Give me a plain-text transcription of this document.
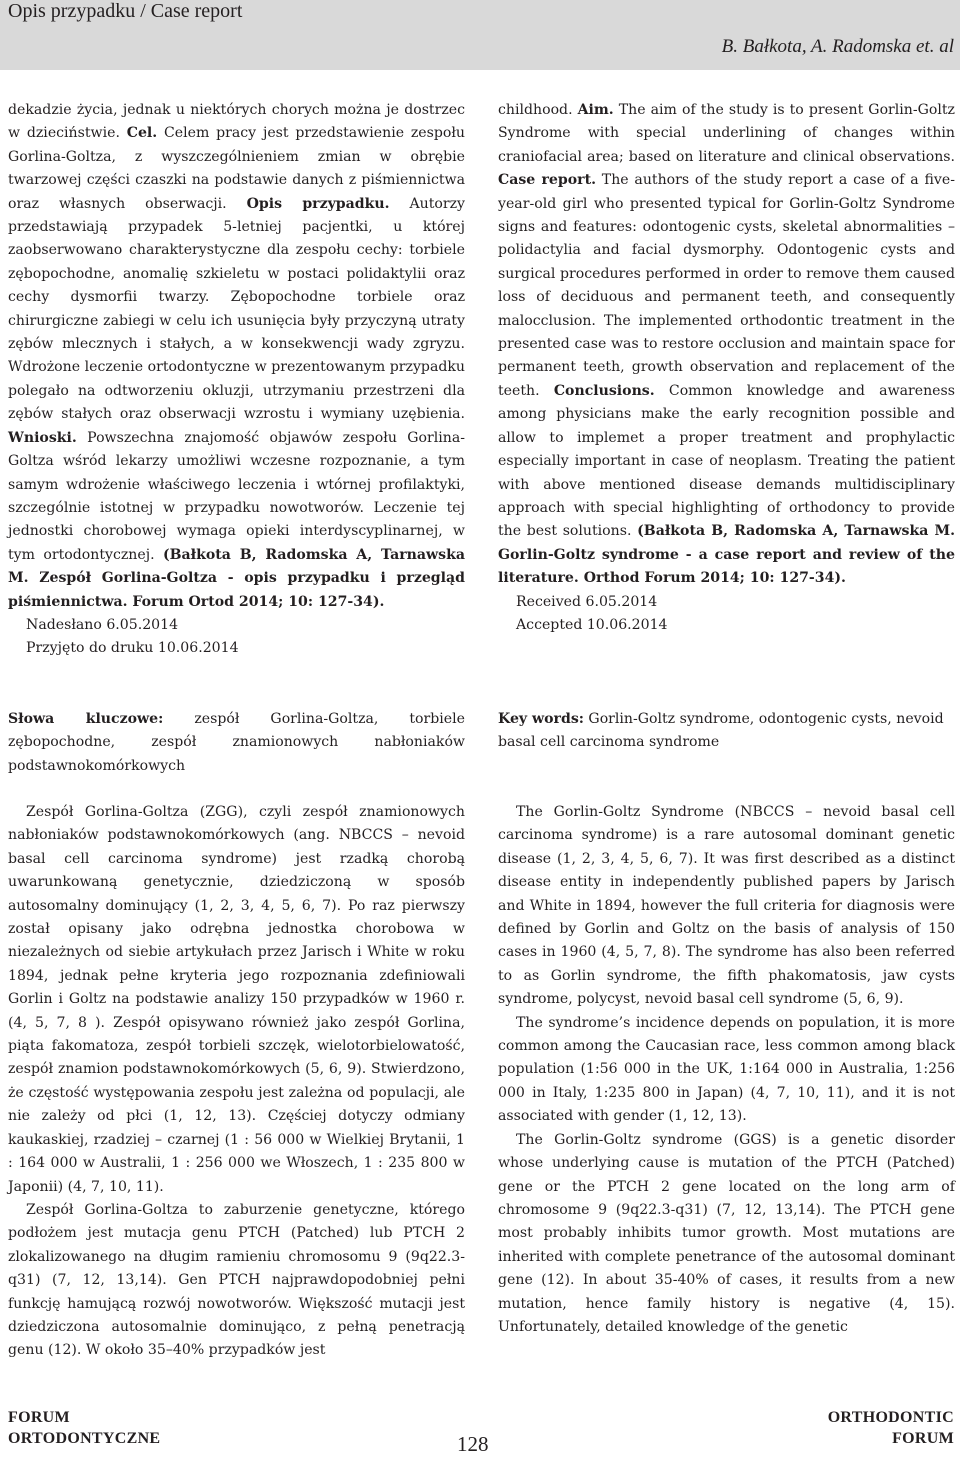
Opis przypadku / Case report
B. Bałkota, A. Radomska et. al

dekadzie życia, jednak u niektórych chorych można je dostrzec w dzieciństwie. Cel. Celem pracy jest przedstawienie zespołu Gorlina-Goltza, z wyszczególnieniem zmian w obrębie twarzowej części czaszki na podstawie danych z piśmiennictwa oraz własnych obserwacji. Opis przypadku. Autorzy przedstawiają przypadek 5-letniej pacjentki, u której zaobserwowano charakterystyczne dla zespołu cechy: torbiele zębopochodne, anomalię szkieletu w postaci polidaktylii oraz cechy dysmorfii twarzy. Zębopochodne torbiele oraz chirurgiczne zabiegi w celu ich usunięcia były przyczyną utraty zębów mlecznych i stałych, a w konsekwencji wady zgryzu. Wdrożone leczenie ortodontyczne w prezentowanym przypadku polegało na odtworzeniu okluzji, utrzymaniu przestrzeni dla zębów stałych oraz obserwacji wzrostu i wymiany uzębienia. Wnioski. Powszechna znajomość objawów zespołu Gorlina-Goltza wśród lekarzy umożliwi wczesne rozpoznanie, a tym samym wdrożenie właściwego leczenia i wtórnej profilaktyki, szczególnie istotnej w przypadku nowotworów. Leczenie tej jednostki chorobowej wymaga opieki interdyscyplinarnej, w tym ortodontycznej. (Bałkota B, Radomska A, Tarnawska M. Zespół Gorlina-Goltza - opis przypadku i przegląd piśmiennictwa. Forum Ortod 2014; 10: 127-34).

Nadesłano 6.05.2014

Przyjęto do druku 10.06.2014

childhood. Aim. The aim of the study is to present Gorlin-Goltz Syndrome with special underlining of changes within craniofacial area; based on literature and clinical observations. Case report. The authors of the study report a case of a five-year-old girl who presented typical for Gorlin-Goltz Syndrome signs and features: odontogenic cysts, skeletal abnormalities – polidactylia and facial dysmorphy. Odontogenic cysts and surgical procedures performed in order to remove them caused loss of deciduous and permanent teeth, and consequently malocclusion. The implemented orthodontic treatment in the presented case was to restore occlusion and maintain space for permanent teeth, growth observation and replacement of the teeth. Conclusions. Common knowledge and awareness among physicians make the early recognition possible and allow to implemet a proper treatment and prophylactic especially important in case of neoplasm. Treating the patient with above mentioned disease demands multidisciplinary approach with special highlighting of orthodoncy to provide the best solutions. (Bałkota B, Radomska A, Tarnawska M. Gorlin-Goltz syndrome - a case report and review of the literature. Orthod Forum 2014; 10: 127-34).

Received 6.05.2014

Accepted 10.06.2014

Słowa kluczowe: zespół Gorlina-Goltza, torbiele zębopochodne, zespół znamionowych nabłoniaków podstawnokomórkowych

Key words: Gorlin-Goltz syndrome, odontogenic cysts, nevoid basal cell carcinoma syndrome

Zespół Gorlina-Goltza (ZGG), czyli zespół znamionowych nabłoniaków podstawnokomórkowych (ang. NBCCS – nevoid basal cell carcinoma syndrome) jest rzadką chorobą uwarunkowaną genetycznie, dziedziczoną w sposób autosomalny dominujący (1, 2, 3, 4, 5, 6, 7). Po raz pierwszy został opisany jako odrębna jednostka chorobowa w niezależnych od siebie artykułach przez Jarisch i White w roku 1894, jednak pełne kryteria jego rozpoznania zdefiniowali Gorlin i Goltz na podstawie analizy 150 przypadków w 1960 r. (4, 5, 7, 8 ). Zespół opisywano również jako zespół Gorlina, piąta fakomatoza, zespół torbieli szczęk, wielotorbielowatość, zespół znamion podstawnokomórkowych (5, 6, 9). Stwierdzono, że częstość występowania zespołu jest zależna od populacji, ale nie zależy od płci (1, 12, 13). Częściej dotyczy odmiany kaukaskiej, rzadziej – czarnej (1 : 56 000 w Wielkiej Brytanii, 1 : 164 000 w Australii, 1 : 256 000 we Włoszech, 1 : 235 800 w Japonii) (4, 7, 10, 11).

Zespół Gorlina-Goltza to zaburzenie genetyczne, którego podłożem jest mutacja genu PTCH (Patched) lub PTCH 2 zlokalizowanego na długim ramieniu chromosomu 9 (9q22.3-q31) (7, 12, 13,14). Gen PTCH najprawdopodobniej pełni funkcję hamującą rozwój nowotworów. Większość mutacji jest dziedziczona autosomalnie dominująco, z pełną penetracją genu (12). W około 35–40% przypadków jest

The Gorlin-Goltz Syndrome (NBCCS – nevoid basal cell carcinoma syndrome) is a rare autosomal dominant genetic disease (1, 2, 3, 4, 5, 6, 7). It was first described as a distinct disease entity in independently published papers by Jarisch and White in 1894, however the full criteria for diagnosis were defined by Gorlin and Goltz on the basis of analysis of 150 cases in 1960 (4, 5, 7, 8). The syndrome has also been referred to as Gorlin syndrome, the fifth phakomatosis, jaw cysts syndrome, polycyst, nevoid basal cell syndrome (5, 6, 9).

The syndrome’s incidence depends on population, it is more common among the Caucasian race, less common among black population (1:56 000 in the UK, 1:164 000 in Australia, 1:256 000 in Italy, 1:235 800 in Japan) (4, 7, 10, 11), and it is not associated with gender (1, 12, 13).

The Gorlin-Goltz syndrome (GGS) is a genetic disorder whose underlying cause is mutation of the PTCH (Patched) gene or the PTCH 2 gene located on the long arm of chromosome 9 (9q22.3-q31) (7, 12, 13,14). The PTCH gene most probably inhibits tumor growth. Most mutations are inherited with complete penetrance of the autosomal dominant gene (12). In about 35-40% of cases, it results from a new mutation, hence family history is negative (4, 15). Unfortunately, detailed knowledge of the genetic

FORUM
ORTODONTYCZNE	128
ORTHODONTIC
FORUM
